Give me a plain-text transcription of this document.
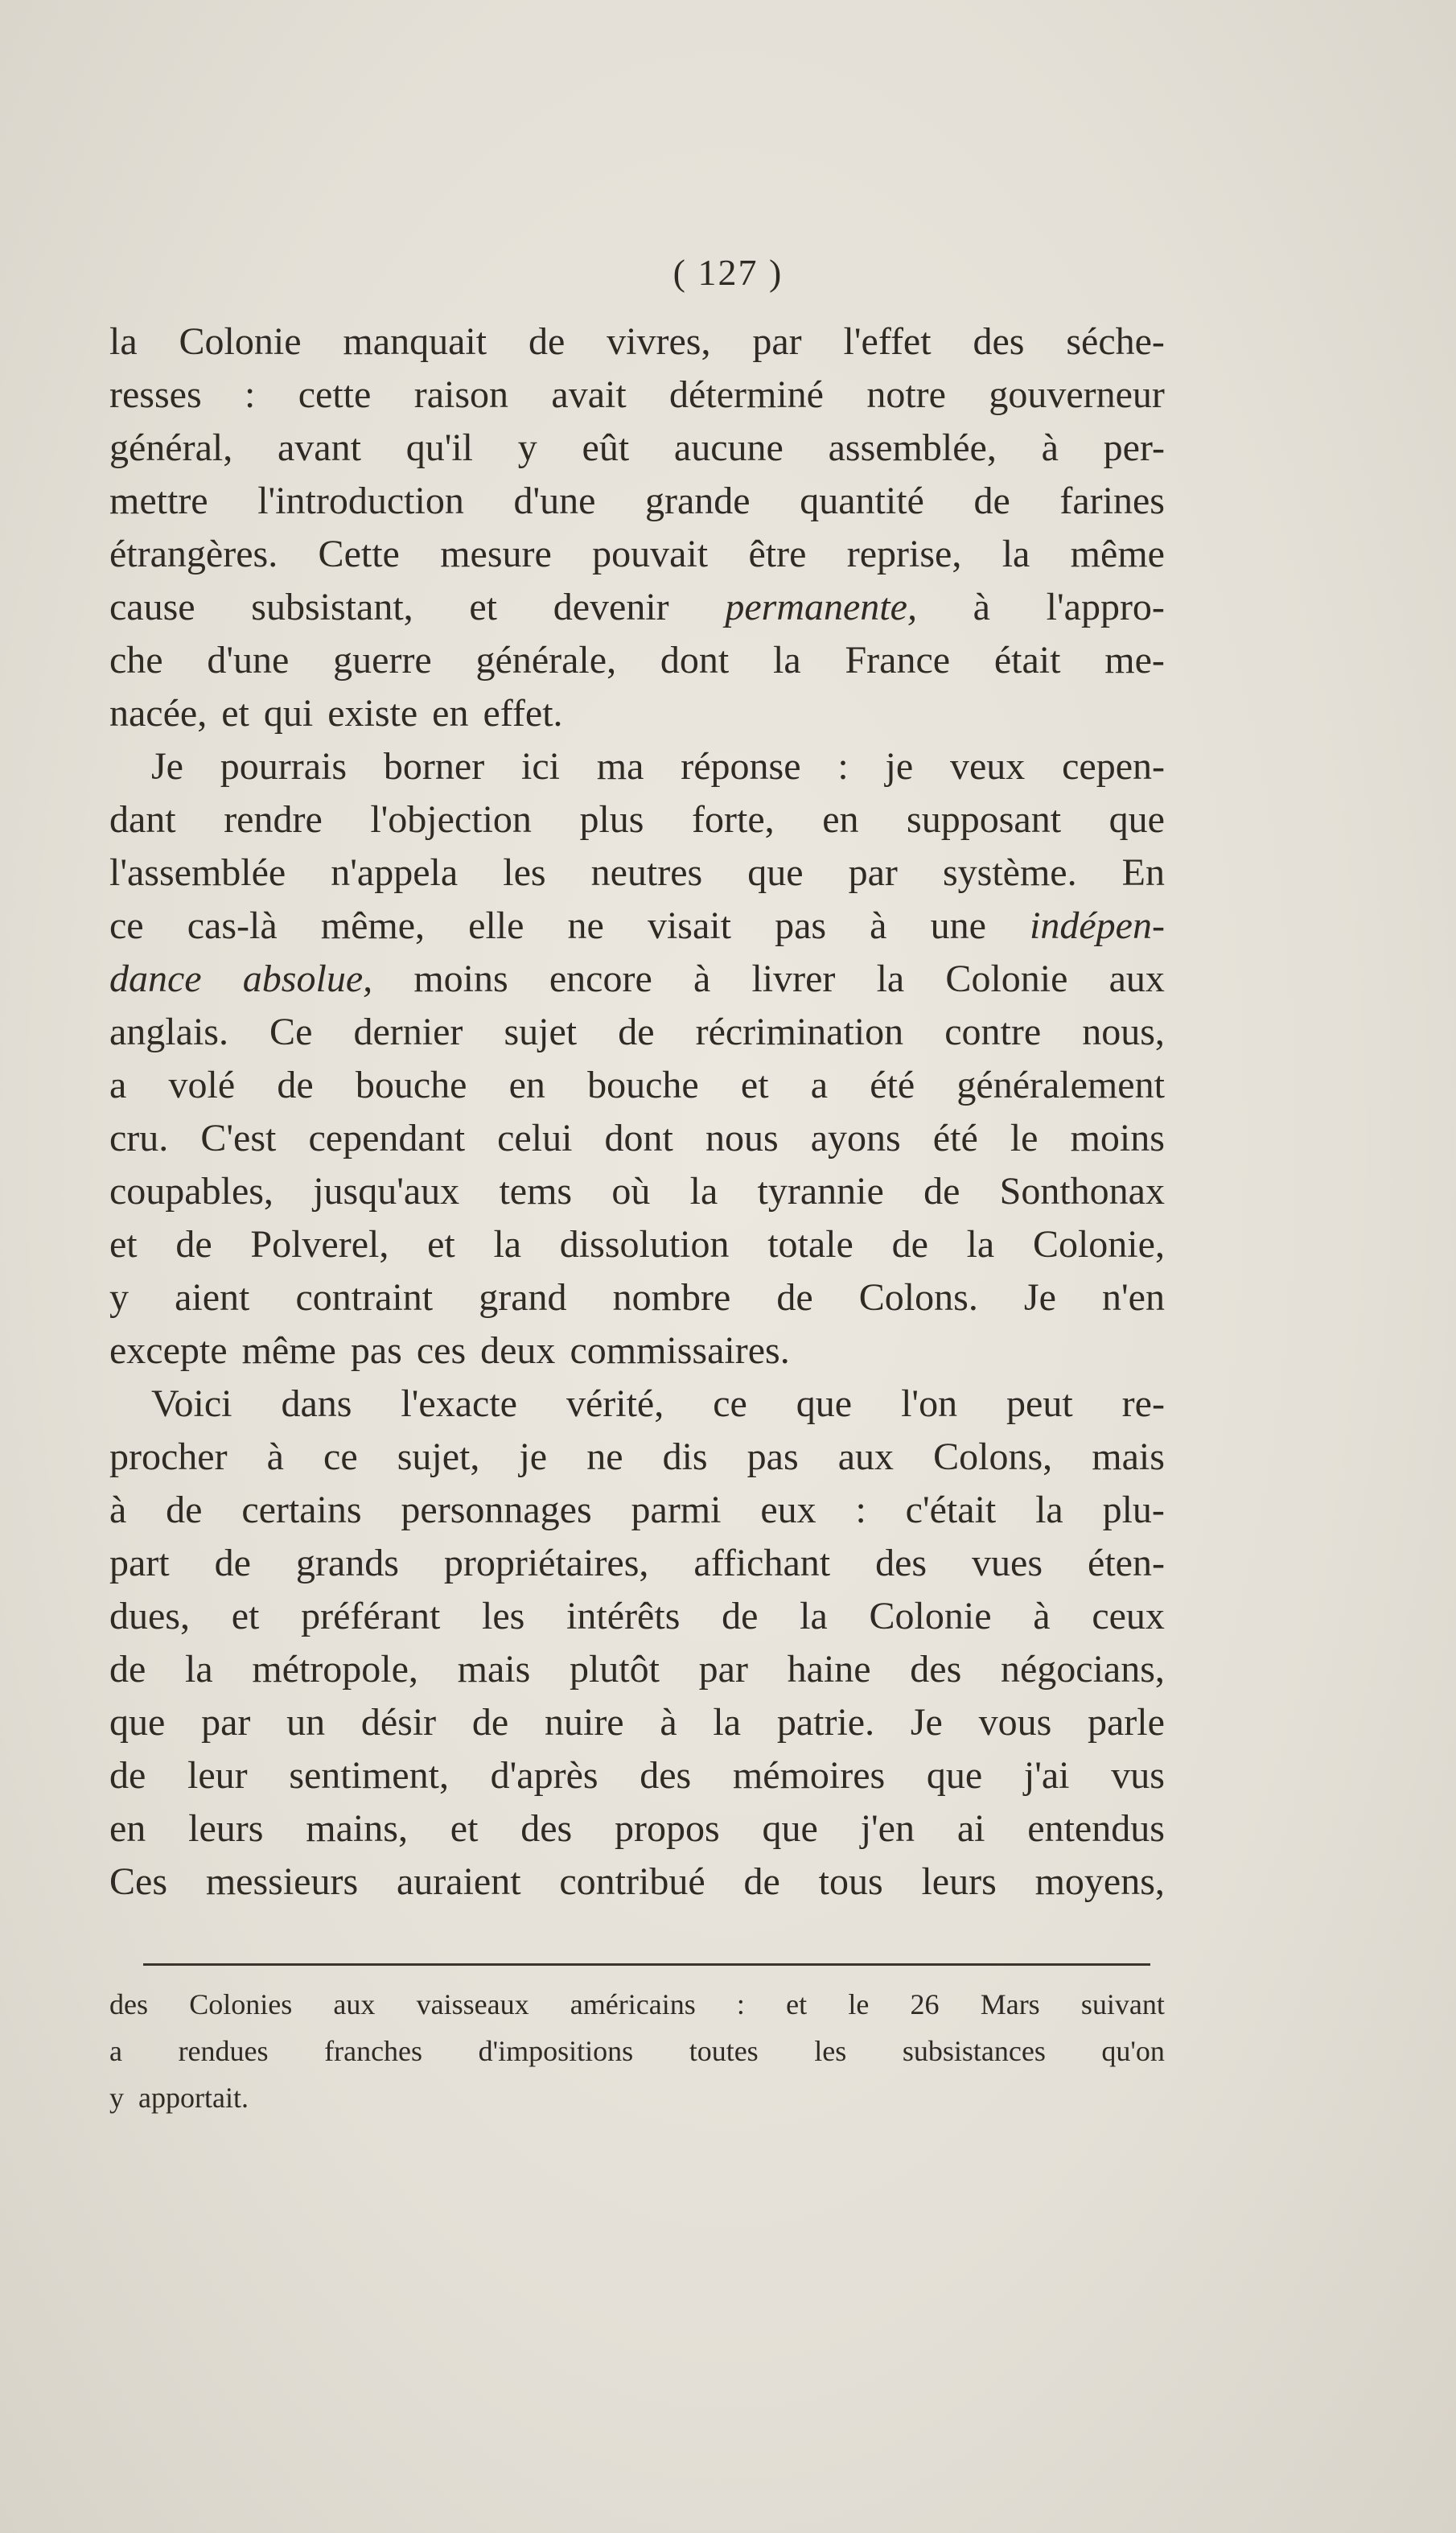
( 127 )
la Colonie manquait de vivres, par l'effet des séche-
resses : cette raison avait déterminé notre gouverneur
général, avant qu'il y eût aucune assemblée, à per-
mettre l'introduction d'une grande quantité de farines
étrangères. Cette mesure pouvait être reprise, la même
cause subsistant, et devenir permanente, à l'appro-
che d'une guerre générale, dont la France était me-
nacée, et qui existe en effet.
Je pourrais borner ici ma réponse : je veux cepen-
dant rendre l'objection plus forte, en supposant que
l'assemblée n'appela les neutres que par système. En
ce cas-là même, elle ne visait pas à une indépen-
dance absolue, moins encore à livrer la Colonie aux
anglais. Ce dernier sujet de récrimination contre nous,
a volé de bouche en bouche et a été généralement
cru. C'est cependant celui dont nous ayons été le moins
coupables, jusqu'aux tems où la tyrannie de Sonthonax
et de Polverel, et la dissolution totale de la Colonie,
y aient contraint grand nombre de Colons. Je n'en
excepte même pas ces deux commissaires.
Voici dans l'exacte vérité, ce que l'on peut re-
procher à ce sujet, je ne dis pas aux Colons, mais
à de certains personnages parmi eux : c'était la plu-
part de grands propriétaires, affichant des vues éten-
dues, et préférant les intérêts de la Colonie à ceux
de la métropole, mais plutôt par haine des négocians,
que par un désir de nuire à la patrie. Je vous parle
de leur sentiment, d'après des mémoires que j'ai vus
en leurs mains, et des propos que j'en ai entendus
Ces messieurs auraient contribué de tous leurs moyens,
des Colonies aux vaisseaux américains : et le 26 Mars suivant
a rendues franches d'impositions toutes les subsistances qu'on
y apportait.
